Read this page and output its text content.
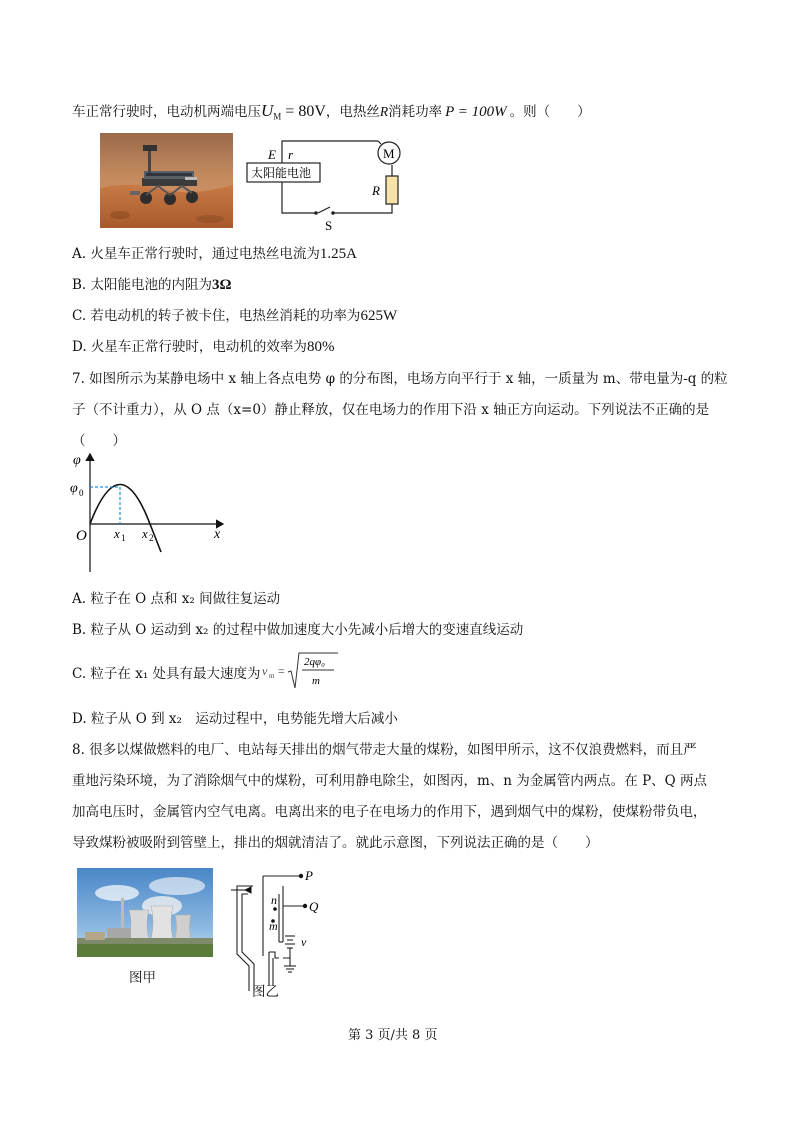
车正常行驶时，电动机两端电压$U_M = 80V$，电热丝R消耗功率 P = 100W 。则（　　）
E r
太阳能电池
M
R
S
A. 火星车正常行驶时，通过电热丝电流为1.25A
B. 太阳能电池的内阻为3Ω
C. 若电动机的转子被卡住，电热丝消耗的功率为625W
D. 火星车正常行驶时，电动机的效率为80%
7. 如图所示为某静电场中 x 轴上各点电势 φ 的分布图，电场方向平行于 x 轴，一质量为 m、带电量为-q 的粒
子（不计重力），从 O 点（x=0）静止释放，仅在电场力的作用下沿 x 轴正方向运动。下列说法不正确的是
（　　）
φ
φ 0
O	x
x 1 x 2
A. 粒子在 O 点和 x₂ 间做往复运动
B. 粒子从 O 运动到 x₂ 的过程中做加速度大小先减小后增大的变速直线运动
C. 粒子在 x₁ 处具有最大速度为 v m =
2qφ₀
m
D. 粒子从 O 到 x₂　运动过程中，电势能先增大后减小
8. 很多以煤做燃料的电厂、电站每天排出的烟气带走大量的煤粉，如图甲所示，这不仅浪费燃料，而且严
重地污染环境，为了消除烟气中的煤粉，可利用静电除尘，如图丙，m、n 为金属管内两点。在 P、Q 两点
加高电压时，金属管内空气电离。电离出来的电子在电场力的作用下，遇到烟气中的煤粉，使煤粉带负电，
导致煤粉被吸附到管壁上，排出的烟就清洁了。就此示意图，下列说法正确的是（　　）
图甲
P
Q
n
m
v
图乙
第 3 页/共 8 页
